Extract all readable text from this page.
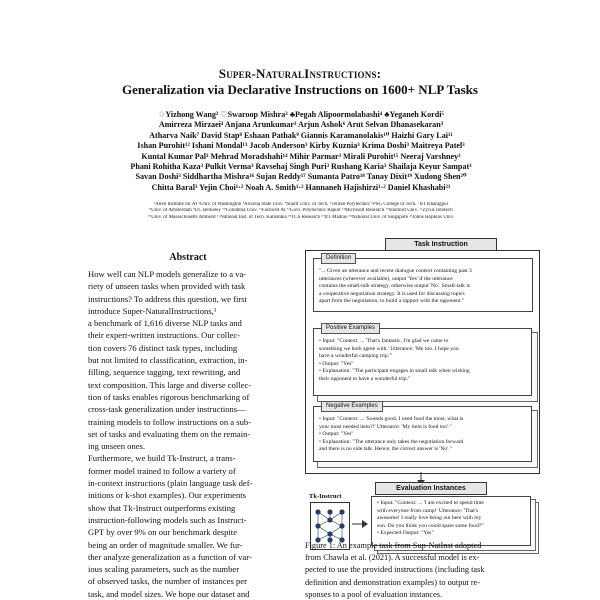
Super-NaturalInstructions:
Generalization via Declarative Instructions on 1600+ NLP Tasks
♢Yizhong Wang² ♡Swaroop Mishra³ ♣Pegah Alipoormolabashi⁴ ♣Yeganeh Kordi⁵
Amirreza Mirzaei⁴ Anjana Arunkumar³ Arjun Ashok⁶ Arut Selvan Dhanasekaran³
Atharva Naik⁷ David Stap⁸ Eshaan Pathak⁹ Giannis Karamanolakis¹⁰ Haizhi Gary Lai¹¹
Ishan Purohit¹² Ishani Mondal¹³ Jacob Anderson³ Kirby Kuznia³ Krima Doshi³ Maitreya Patel³
Kuntal Kumar Pal³ Mehrad Moradshahi¹⁴ Mihir Parmar³ Mirali Purohit¹⁵ Neeraj Varshney³
Phani Rohitha Kaza³ Pulkit Verma³ Ravsehaj Singh Puri³ Rushang Karia³ Shailaja Keyur Sampat³
Savan Doshi³ Siddhartha Mishra¹⁶ Sujan Reddy¹⁷ Sumanta Patro¹⁸ Tanay Dixit¹⁹ Xudong Shen²⁰
Chitta Baral³ Yejin Choi¹·² Noah A. Smith¹·² Hannaneh Hajishirzi¹·² Daniel Khashabi²¹
¹Allen Institute for AI ²Univ. of Washington ³Arizona State Univ. ⁴Sharif Univ. of Tech. ⁵Tehran Polytechnic ⁶PSG College of Tech. ⁷IIT Kharagpur
⁸Univ. of Amsterdam ⁹UC Berkeley ¹⁰Columbia Univ. ¹¹Factored AI ¹²Govt. Polytechnic Rajkot ¹³Microsoft Research ¹⁴Stanford Univ. ¹⁵Zycus Infotech
¹⁶Univ. of Massachusetts Amherst ¹⁷National Inst. of Tech. Karnataka ¹⁸TCS Research ¹⁹IIT Madras ²⁰National Univ. of Singapore ²¹Johns Hopkins Univ.
Abstract
How well can NLP models generalize to a va-
riety of unseen tasks when provided with task
instructions? To address this question, we first
introduce Super-NaturalInstructions,¹
a benchmark of 1,616 diverse NLP tasks and
their expert-written instructions. Our collec-
tion covers 76 distinct task types, including
but not limited to classification, extraction, in-
filling, sequence tagging, text rewriting, and
text composition. This large and diverse collec-
tion of tasks enables rigorous benchmarking of
cross-task generalization under instructions—
training models to follow instructions on a sub-
set of tasks and evaluating them on the remain-
ing unseen ones.
Furthermore, we build Tk-Instruct, a trans-
former model trained to follow a variety of
in-context instructions (plain language task def-
initions or k-shot examples). Our experiments
show that Tk-Instruct outperforms existing
instruction-following models such as Instruct-
GPT by over 9% on our benchmark despite
being an order of magnitude smaller. We fur-
ther analyze generalization as a function of var-
ious scaling parameters, such as the number
of observed tasks, the number of instances per
task, and model sizes. We hope our dataset and
Task Instruction
"... Given an utterance and recent dialogue context containing past 3
utterances (wherever available), output 'Yes' if the utterance
contains the small-talk strategy, otherwise output 'No'. Small-talk is
a cooperative negotiation strategy. It is used for discussing topics
apart from the negotiation, to build a rapport with the opponent."
Definition
• Input: "Context: ... 'That's fantastic, I'm glad we came to
something we both agree with.' Utterance: 'Me too. I hope you
have a wonderful camping trip.'"
• Output: "Yes"
• Explanation: "The participant engages in small talk when wishing
their opponent to have a wonderful trip."
Positive Examples
• Input: "Context: ... 'Sounds good, I need food the most, what is
your most needed item?!' Utterance: 'My item is food too'."
• Output: "Yes"
• Explanation: "The utterance only takes the negotiation forward
and there is no side talk. Hence, the correct answer is 'No'."
Negative Examples
Evaluation Instances
Tk-Instruct
• Input: "Context: ... 'I am excited to spend time
with everyone from camp!' Utterance: 'That's
awesome! I really love being out here with my
son. Do you think you could spare some food?'"
• Expected Output: "Yes"
Figure 1: An example task from Sup-NatInst adopted
from Chawla et al. (2021). A successful model is ex-
pected to use the provided instructions (including task
definition and demonstration examples) to output re-
sponses to a pool of evaluation instances.
